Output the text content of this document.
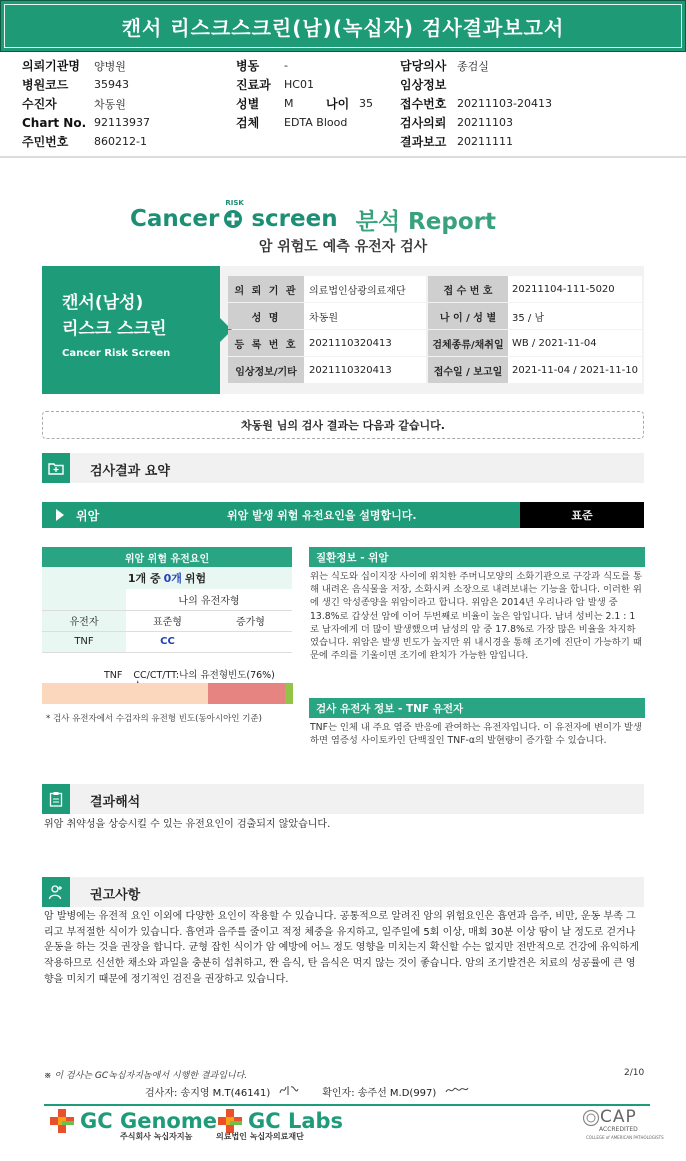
캔서 리스크스크린(남)(녹십자) 검사결과보고서
의뢰기관명	양병원
병원코드	35943
수진자	차동원
Chart No. 92113937
주민번호	860212-1
병동	-
진료과	HC01
성별	M	나이 35
검체	EDTA Blood
담당의사 종검실
임상정보
접수번호 20211103-20413
검사의뢰 20211103
결과보고 20211111
Cancer
RISK
screen 분석 Report
암 위험도 예측 유전자 검사
캔서(남성)
리스크 스크린
Cancer Risk Screen
의 뢰 기 관	의료법인삼광의료재단	접 수 번 호	20211104-111-5020
성 명	차동원	나 이 / 성 별	35 / 남
등 록 번 호	2021110320413	검체종류/채취일 WB / 2021-11-04
임상정보/기타	2021110320413	접수일 / 보고일 2021-11-04 / 2021-11-10
차동원 님의 검사 결과는 다음과 같습니다.
검사결과 요약
위암	위암 발생 위험 유전요인을 설명합니다.	표준
위암 위험 유전요인
1개 중 0개 위험
	나의 유전자형	
유전자	표준형	증가형
TNF	CC	
TNF CC/CT/TT:나의 유전형빈도(76%)
* 검사 유전자에서 수검자의 유전형 빈도(동아시아인 기준)
질환정보 - 위암
위는 식도와 십이지장 사이에 위치한 주머니모양의 소화기관으로 구강과 식도를 통해 내려온 음식물을 저장, 소화시켜 소장으로 내려보내는 기능을 합니다. 이러한 위에 생긴 악성종양을 위암이라고 합니다. 위암은 2014년 우리나라 암 발생 중 13.8%로 갑상선 암에 이어 두번째로 비율이 높은 암입니다. 남녀 성비는 2.1 : 1로 남자에게 더 많이 발생했으며 남성의 암 중 17.8%로 가장 많은 비율을 차지하였습니다. 위암은 발생 빈도가 높지만 위 내시경을 통해 조기에 진단이 가능하기 때문에 주의를 기울이면 조기에 완치가 가능한 암입니다.
검사 유전자 정보 - TNF 유전자
TNF는 인체 내 주요 염증 반응에 관여하는 유전자입니다. 이 유전자에 변이가 발생하면 염증성 사이토카인 단백질인 TNF-α의 발현량이 증가할 수 있습니다.
결과해석
위암 취약성을 상승시킬 수 있는 유전요인이 검출되지 않았습니다.
권고사항
암 발병에는 유전적 요인 이외에 다양한 요인이 작용할 수 있습니다. 공통적으로 알려진 암의 위험요인은 흡연과 음주, 비만, 운동 부족 그리고 부적절한 식이가 있습니다. 흡연과 음주를 줄이고 적정 체중을 유지하고, 일주일에 5회 이상, 매회 30분 이상 땀이 날 정도로 걷거나 운동을 하는 것을 권장을 합니다. 균형 잡힌 식이가 암 예방에 어느 정도 영향을 미치는지 확신할 수는 없지만 전반적으로 건강에 유익하게 작용하므로 신선한 채소와 과일을 충분히 섭취하고, 짠 음식, 탄 음식은 먹지 않는 것이 좋습니다. 암의 조기발견은 치료의 성공률에 큰 영향을 미치기 때문에 정기적인 검진을 권장하고 있습니다.
※ 이 검사는 GC녹십자지놈에서 시행한 결과입니다.	2/10
검사자: 송지영 M.T(46141)	확인자: 송주선 M.D(997)
GC Genome
주식회사 녹십자지놈
GC Labs
의료법인 녹십자의료재단
CAP
ACCREDITED
COLLEGE of AMERICAN PATHOLOGISTS
